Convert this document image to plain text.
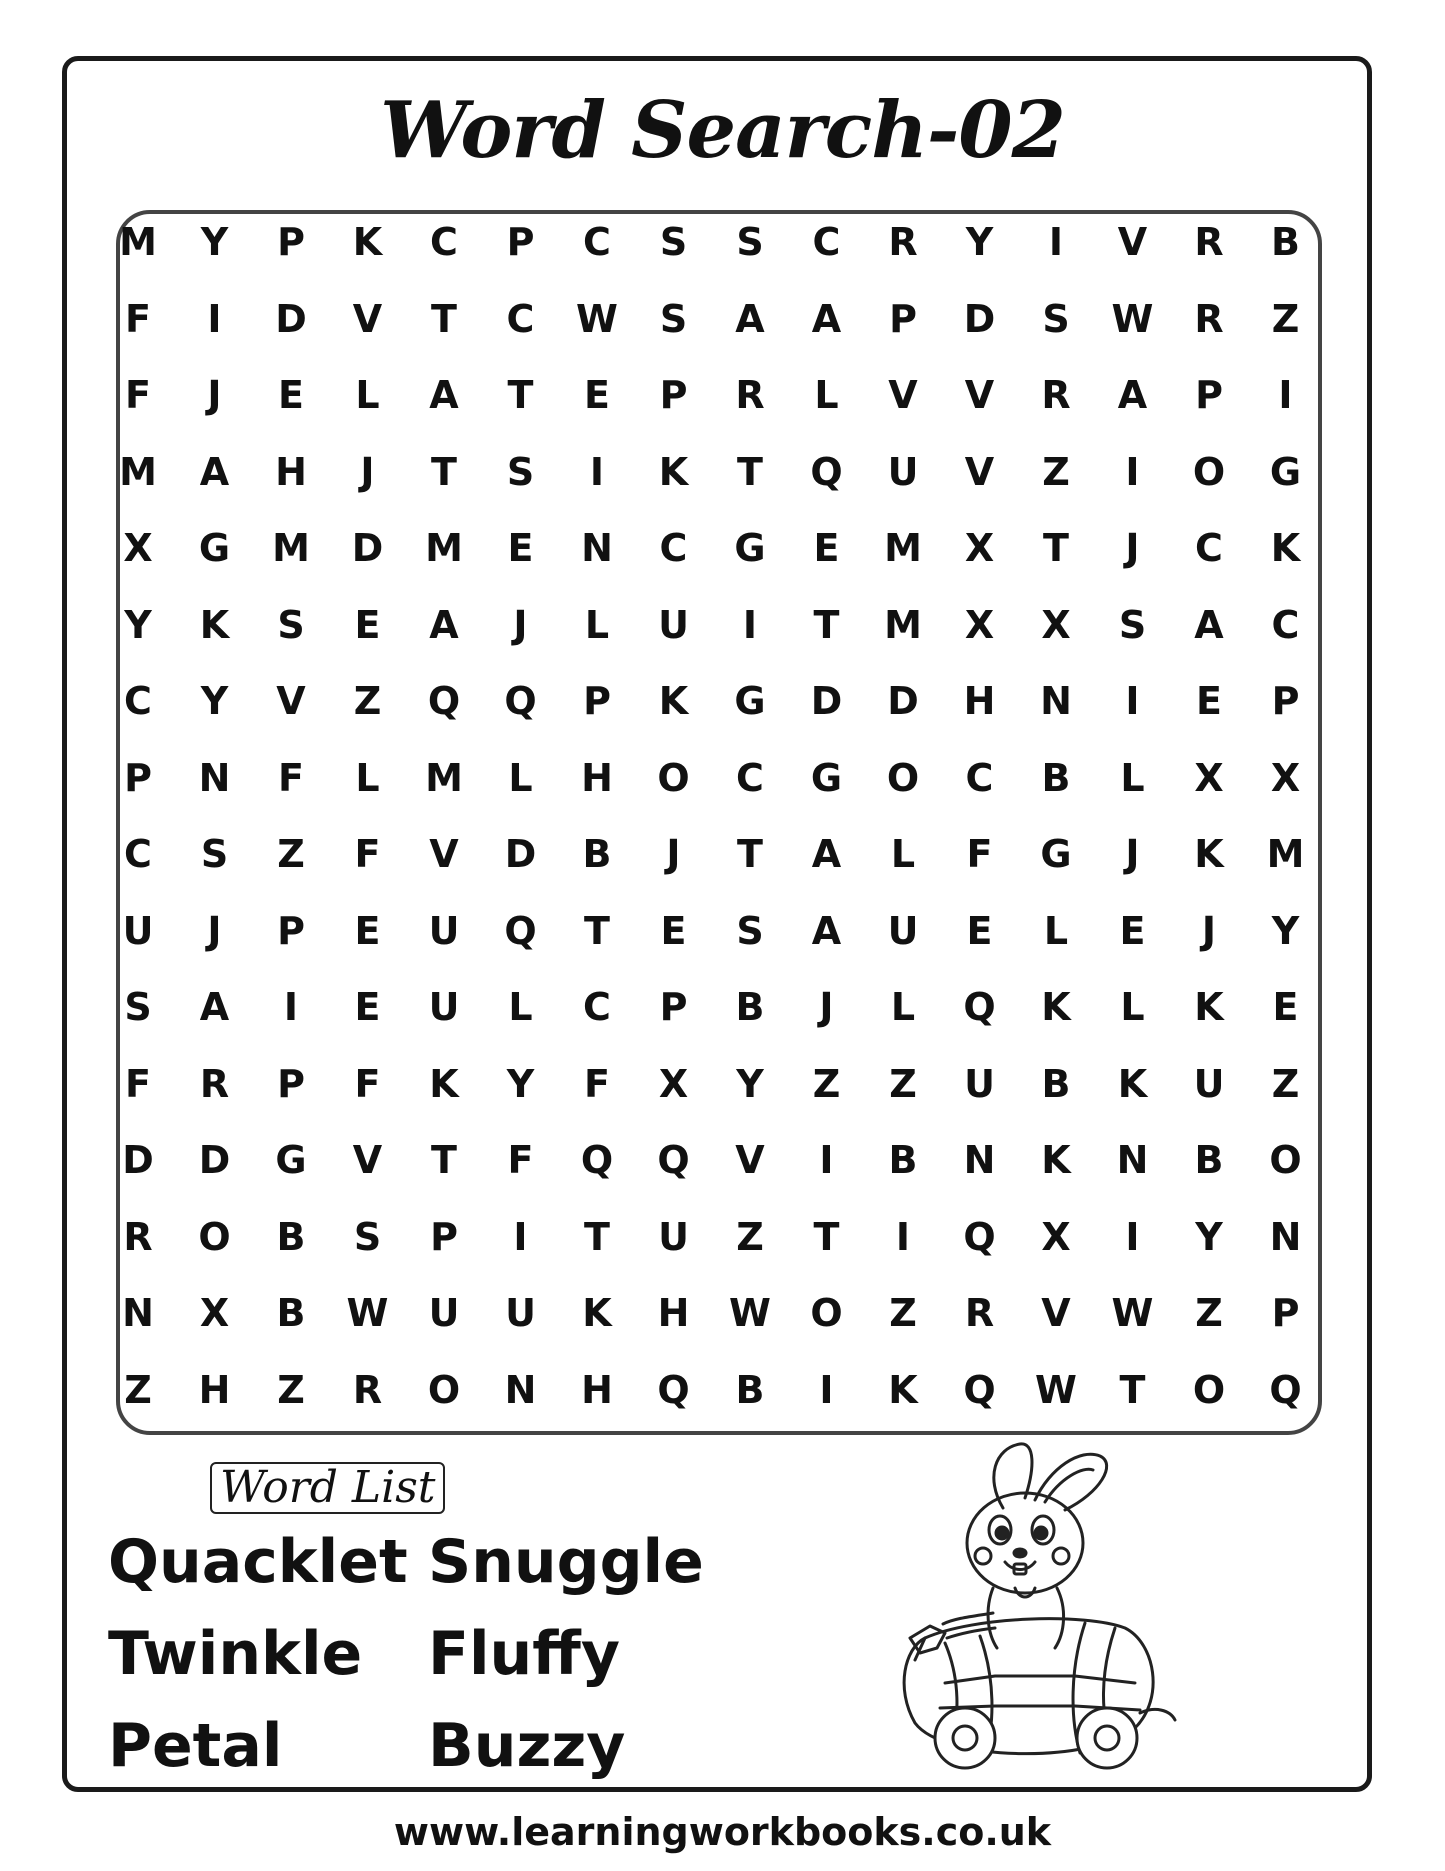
Word Search-02
M	Y	P	K	C	P	C	S	S	C	R	Y	I	V	R	B
F	I	D	V	T	C	W	S	A	A	P	D	S	W	R	Z
F	J	E	L	A	T	E	P	R	L	V	V	R	A	P	I
M	A	H	J	T	S	I	K	T	Q	U	V	Z	I	O	G
X	G	M	D	M	E	N	C	G	E	M	X	T	J	C	K
Y	K	S	E	A	J	L	U	I	T	M	X	X	S	A	C
C	Y	V	Z	Q	Q	P	K	G	D	D	H	N	I	E	P
P	N	F	L	M	L	H	O	C	G	O	C	B	L	X	X
C	S	Z	F	V	D	B	J	T	A	L	F	G	J	K	M
U	J	P	E	U	Q	T	E	S	A	U	E	L	E	J	Y
S	A	I	E	U	L	C	P	B	J	L	Q	K	L	K	E
F	R	P	F	K	Y	F	X	Y	Z	Z	U	B	K	U	Z
D	D	G	V	T	F	Q	Q	V	I	B	N	K	N	B	O
R	O	B	S	P	I	T	U	Z	T	I	Q	X	I	Y	N
N	X	B	W	U	U	K	H	W	O	Z	R	V	W	Z	P
Z	H	Z	R	O	N	H	Q	B	I	K	Q	W	T	O	Q
Word List
Quacklet Snuggle
Twinkle Fluffy
Petal Buzzy
www.learningworkbooks.co.uk
